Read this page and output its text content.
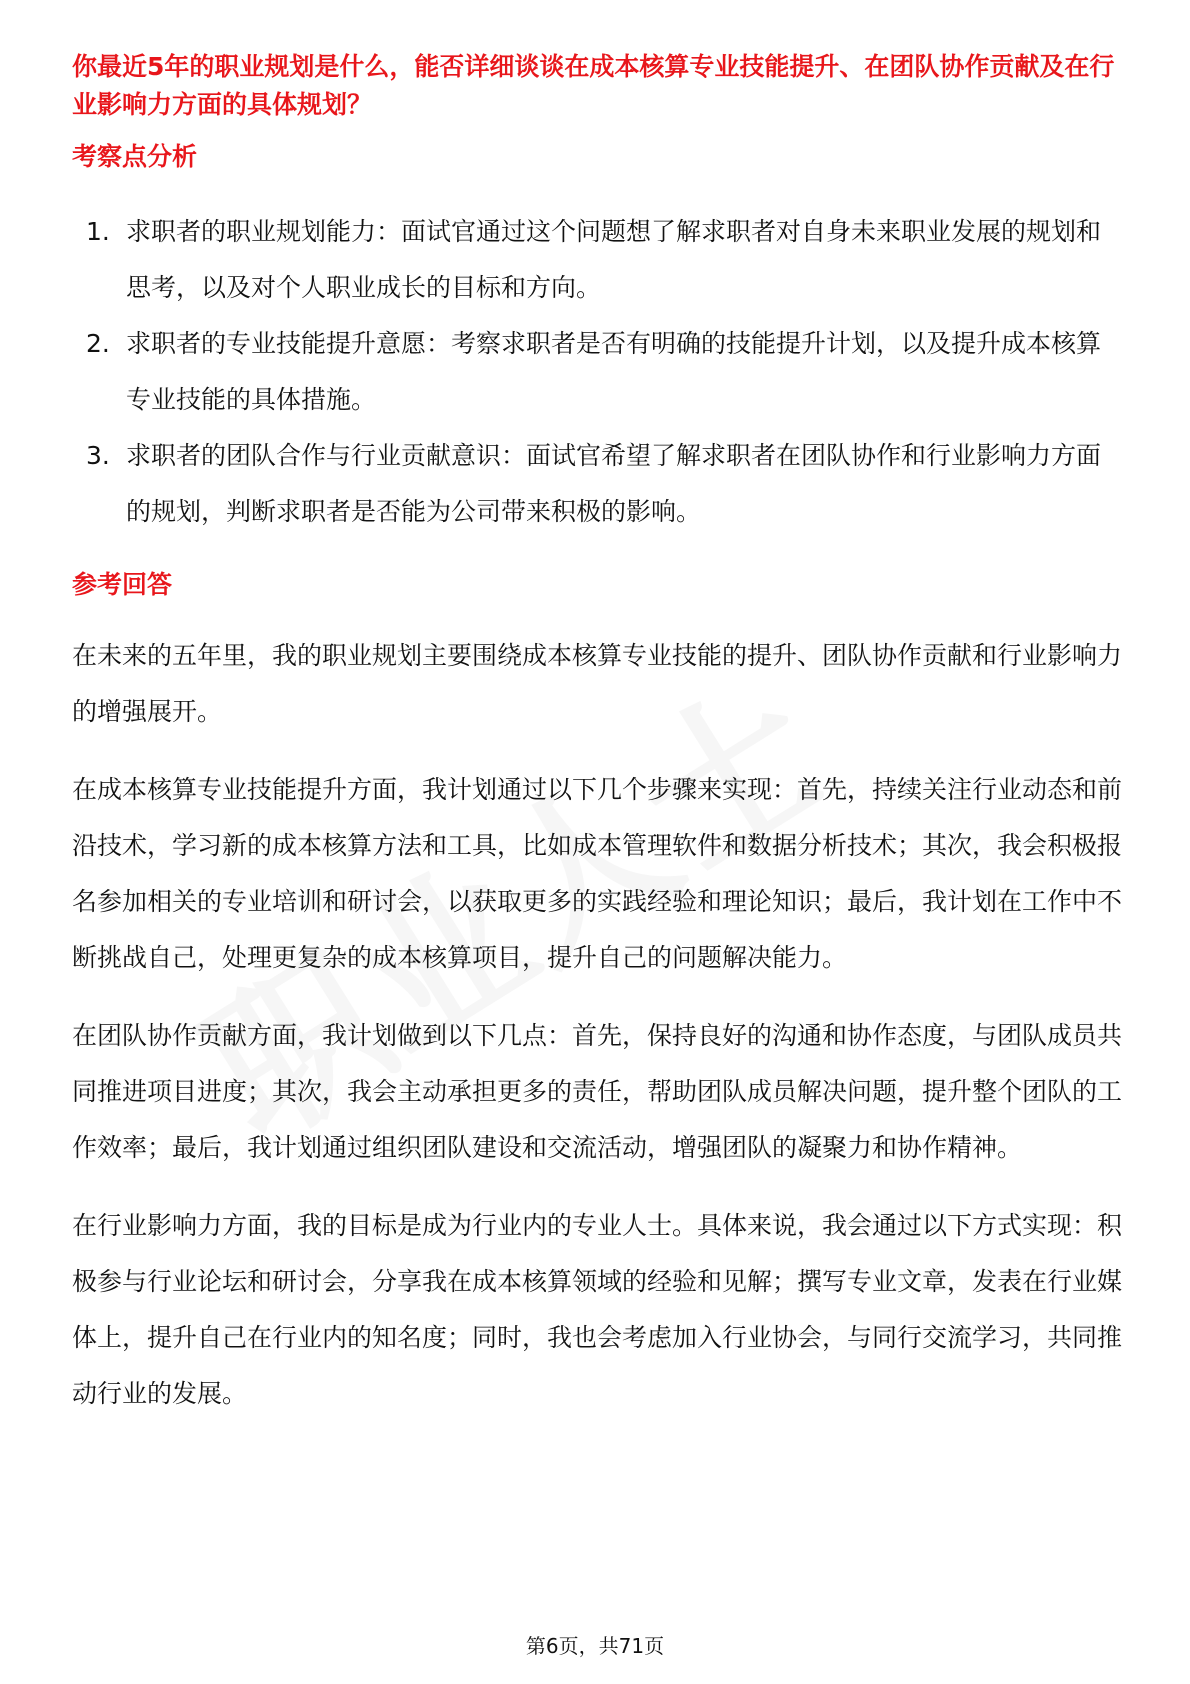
你最近5年的职业规划是什么，能否详细谈谈在成本核算专业技能提升、在团队协作贡献及在行业影响力方面的具体规划？

考察点分析
1. 求职者的职业规划能力：面试官通过这个问题想了解求职者对自身未来职业发展的规划和思考，以及对个人职业成长的目标和方向。
2. 求职者的专业技能提升意愿：考察求职者是否有明确的技能提升计划，以及提升成本核算专业技能的具体措施。
3. 求职者的团队合作与行业贡献意识：面试官希望了解求职者在团队协作和行业影响力方面的规划，判断求职者是否能为公司带来积极的影响。
参考回答

在未来的五年里，我的职业规划主要围绕成本核算专业技能的提升、团队协作贡献和行业影响力的增强展开。

在成本核算专业技能提升方面，我计划通过以下几个步骤来实现：首先，持续关注行业动态和前沿技术，学习新的成本核算方法和工具，比如成本管理软件和数据分析技术；其次，我会积极报名参加相关的专业培训和研讨会，以获取更多的实践经验和理论知识；最后，我计划在工作中不断挑战自己，处理更复杂的成本核算项目，提升自己的问题解决能力。

在团队协作贡献方面，我计划做到以下几点：首先，保持良好的沟通和协作态度，与团队成员共同推进项目进度；其次，我会主动承担更多的责任，帮助团队成员解决问题，提升整个团队的工作效率；最后，我计划通过组织团队建设和交流活动，增强团队的凝聚力和协作精神。

在行业影响力方面，我的目标是成为行业内的专业人士。具体来说，我会通过以下方式实现：积极参与行业论坛和研讨会，分享我在成本核算领域的经验和见解；撰写专业文章，发表在行业媒体上，提升自己在行业内的知名度；同时，我也会考虑加入行业协会，与同行交流学习，共同推动行业的发展。

第6页，共71页
